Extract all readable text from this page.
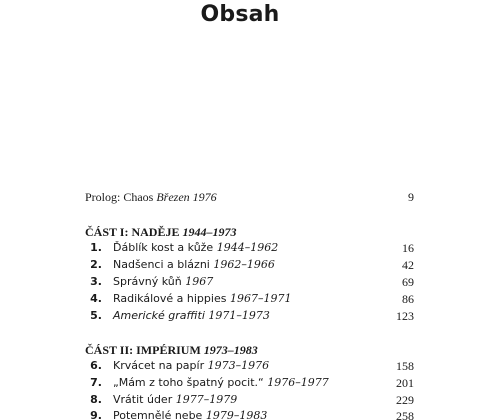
Obsah
Prolog: Chaos Březen 1976	9
ČÁST I: NADĚJE 1944–1973
1. Ďáblík kost a kůže 1944–1962	16
2. Nadšenci a blázni 1962–1966	42
3. Správný kůň 1967	69
4. Radikálové a hippies 1967–1971	86
5. Americké graffiti 1971–1973	123
ČÁST II: IMPÉRIUM 1973–1983
6. Krvácet na papír 1973–1976	158
7. „Mám z toho špatný pocit.“ 1976–1977	201
8. Vrátit úder 1977–1979	229
9. Potemnělé nebe 1979–1983	258
